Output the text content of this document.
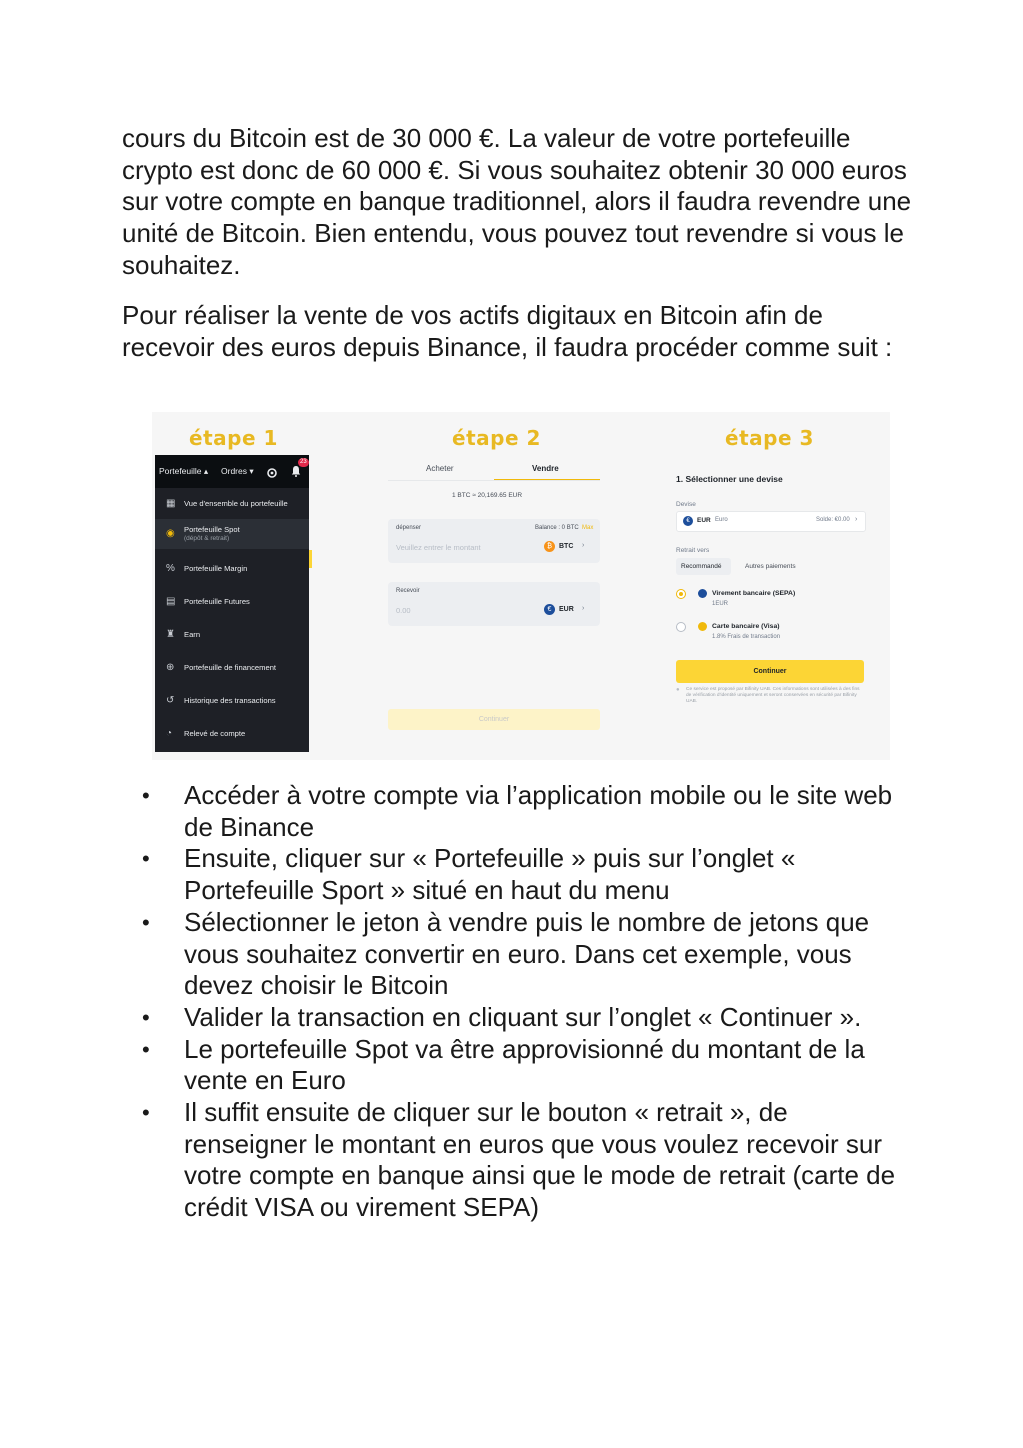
cours du Bitcoin est de 30 000 €. La valeur de votre portefeuille crypto est donc de 60 000 €. Si vous souhaitez obtenir 30 000 euros sur votre compte en banque traditionnel, alors il faudra revendre une unité de Bitcoin. Bien entendu, vous pouvez tout revendre si vous le souhaitez.

Pour réaliser la vente de vos actifs digitaux en Bitcoin afin de recevoir des euros depuis Binance, il faudra procéder comme suit :

étape 1
Portefeuille ▴ Ordres ▾
23
▦ Vue d'ensemble du portefeuille
◉ Portefeuille Spot
(dépôt & retrait)
% Portefeuille Margin
▤ Portefeuille Futures
♜ Earn
⊕ Portefeuille de financement
↺ Historique des transactions
◔	Relevé de compte
étape 2
Acheter	Vendre
1 BTC ≈ 20,169.65 EUR
dépenser	Balance : 0 BTC Max
Veuillez entrer le montant	₿ BTC ›
Recevoir
0.00	€	EUR ›
Continuer
étape 3
1. Sélectionner une devise
Devise
€	EUR Euro	Solde: €0.00 ›
Retrait vers
Recommandé	Autres paiements
Virement bancaire (SEPA)
1EUR
Carte bancaire (Visa)
1.8% Frais de transaction
Continuer
● Ce service est proposé par Bifinity UAB. Ces informations sont utilisées à des fins de vérification d'identité uniquement et seront conservées en sécurité par Bifinity UAB.
• Accéder à votre compte via l’application mobile ou le site web de Binance
• Ensuite, cliquer sur « Portefeuille » puis sur l’onglet « Portefeuille Sport » situé en haut du menu
• Sélectionner le jeton à vendre puis le nombre de jetons que vous souhaitez convertir en euro. Dans cet exemple, vous devez choisir le Bitcoin
• Valider la transaction en cliquant sur l’onglet « Continuer ».
• Le portefeuille Spot va être approvisionné du montant de la vente en Euro
• Il suffit ensuite de cliquer sur le bouton « retrait », de renseigner le montant en euros que vous voulez recevoir sur votre compte en banque ainsi que le mode de retrait (carte de crédit VISA ou virement SEPA)
